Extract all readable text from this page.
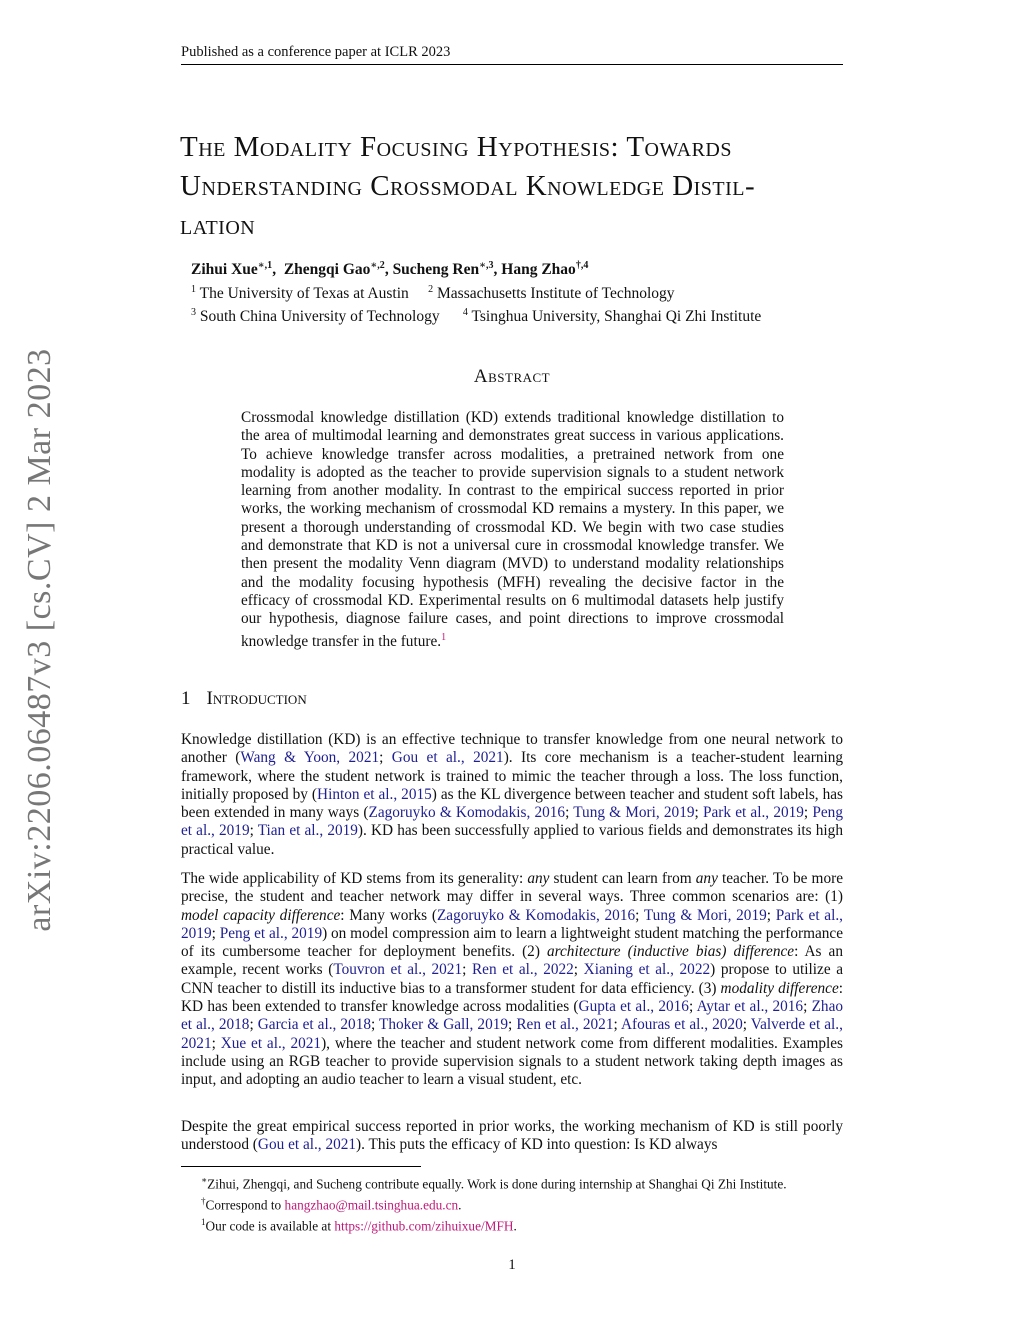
Published as a conference paper at ICLR 2023
arXiv:2206.06487v3 [cs.CV] 2 Mar 2023
The Modality Focusing Hypothesis: Towards
Understanding Crossmodal Knowledge Distil-
lation
Zihui Xue$^{∗,1}$,  Zhengqi Gao$^{∗,2}$, Sucheng Ren$^{∗,3}$, Hang Zhao$^{\dagger,4}$
$^1$ The University of Texas at Austin $^2$ Massachusetts Institute of Technology
$^3$ South China University of Technology $^4$ Tsinghua University, Shanghai Qi Zhi Institute
Abstract
Crossmodal knowledge distillation (KD) extends traditional knowledge distillation to the area of multimodal learning and demonstrates great success in various applications. To achieve knowledge transfer across modalities, a pretrained network from one modality is adopted as the teacher to provide supervision signals to a student network learning from another modality. In contrast to the empirical success reported in prior works, the working mechanism of crossmodal KD remains a mystery. In this paper, we present a thorough understanding of crossmodal KD. We begin with two case studies and demonstrate that KD is not a universal cure in crossmodal knowledge transfer. We then present the modality Venn diagram (MVD) to understand modality relationships and the modality focusing hypothesis (MFH) revealing the decisive factor in the efficacy of crossmodal KD. Experimental results on 6 multimodal datasets help justify our hypothesis, diagnose failure cases, and point directions to improve crossmodal knowledge transfer in the future.$^1$
1 Introduction
Knowledge distillation (KD) is an effective technique to transfer knowledge from one neural network to another (Wang & Yoon, 2021; Gou et al., 2021). Its core mechanism is a teacher-student learning framework, where the student network is trained to mimic the teacher through a loss. The loss function, initially proposed by (Hinton et al., 2015) as the KL divergence between teacher and student soft labels, has been extended in many ways (Zagoruyko & Komodakis, 2016; Tung & Mori, 2019; Park et al., 2019; Peng et al., 2019; Tian et al., 2019). KD has been successfully applied to various fields and demonstrates its high practical value.
The wide applicability of KD stems from its generality: any student can learn from any teacher. To be more precise, the student and teacher network may differ in several ways. Three common scenarios are: (1) model capacity difference: Many works (Zagoruyko & Komodakis, 2016; Tung & Mori, 2019; Park et al., 2019; Peng et al., 2019) on model compression aim to learn a lightweight student matching the performance of its cumbersome teacher for deployment benefits. (2) architecture (inductive bias) difference: As an example, recent works (Touvron et al., 2021; Ren et al., 2022; Xianing et al., 2022) propose to utilize a CNN teacher to distill its inductive bias to a transformer student for data efficiency. (3) modality difference: KD has been extended to transfer knowledge across modalities (Gupta et al., 2016; Aytar et al., 2016; Zhao et al., 2018; Garcia et al., 2018; Thoker & Gall, 2019; Ren et al., 2021; Afouras et al., 2020; Valverde et al., 2021; Xue et al., 2021), where the teacher and student network come from different modalities. Examples include using an RGB teacher to provide supervision signals to a student network taking depth images as input, and adopting an audio teacher to learn a visual student, etc.
Despite the great empirical success reported in prior works, the working mechanism of KD is still poorly understood (Gou et al., 2021). This puts the efficacy of KD into question: Is KD always
∗Zihui, Zhengqi, and Sucheng contribute equally. Work is done during internship at Shanghai Qi Zhi Institute.
†Correspond to hangzhao@mail.tsinghua.edu.cn.
$^1$Our code is available at https://github.com/zihuixue/MFH.
1
